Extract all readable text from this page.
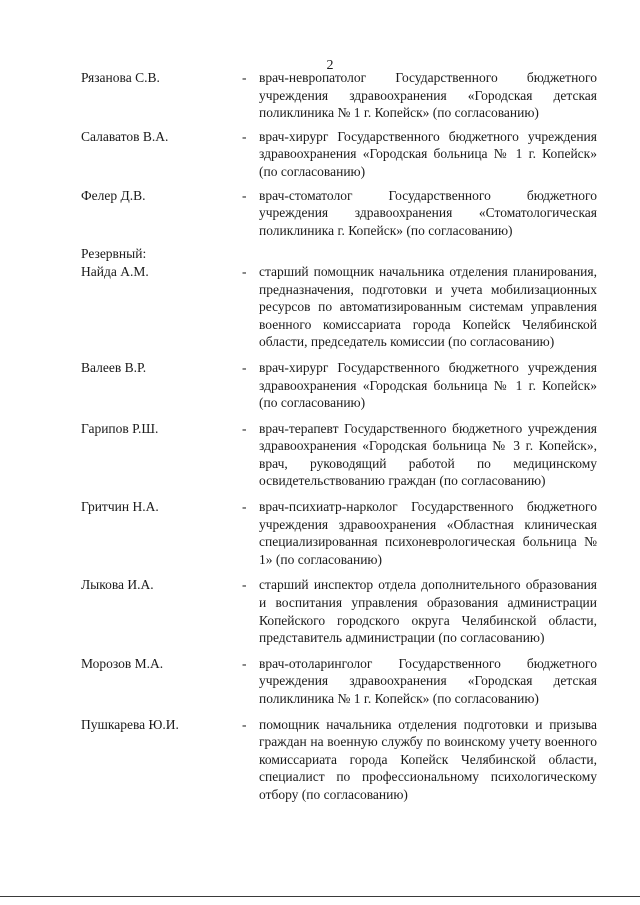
2
Рязанова С.В.	- врач-невропатолог Государственного бюджетного учреждения здравоохранения «Городская детская поликлиника № 1 г. Копейск» (по согласованию)
Салаватов В.А.	- врач-хирург Государственного бюджетного учреждения здравоохранения «Городская больница № 1 г. Копейск» (по согласованию)
Фелер Д.В.	- врач-стоматолог Государственного бюджетного учреждения здравоохранения «Стоматологическая поликлиника г. Копейск» (по согласованию)
Резервный:
Найда А.М.	- старший помощник начальника отделения планирования, предназначения, подготовки и учета мобилизационных ресурсов по автоматизированным системам управления военного комиссариата города Копейск Челябинской области, председатель комиссии (по согласованию)
Валеев В.Р.	- врач-хирург Государственного бюджетного учреждения здравоохранения «Городская больница № 1 г. Копейск» (по согласованию)
Гарипов Р.Ш.	- врач-терапевт Государственного бюджетного учреждения здравоохранения «Городская больница № 3 г. Копейск», врач, руководящий работой по медицинскому освидетельствованию граждан (по согласованию)
Гритчин Н.А.	- врач-психиатр-нарколог Государственного бюджетного учреждения здравоохранения «Областная клиническая специализированная психоневрологическая больница № 1» (по согласованию)
Лыкова И.А.	- старший инспектор отдела дополнительного образования и воспитания управления образования администрации Копейского городского округа Челябинской области, представитель администрации (по согласованию)
Морозов М.А.	- врач-отоларинголог Государственного бюджетного учреждения здравоохранения «Городская детская поликлиника № 1 г. Копейск» (по согласованию)
Пушкарева Ю.И.	- помощник начальника отделения подготовки и призыва граждан на военную службу по воинскому учету военного комиссариата города Копейск Челябинской области, специалист по профессиональному психологическому отбору (по согласованию)
